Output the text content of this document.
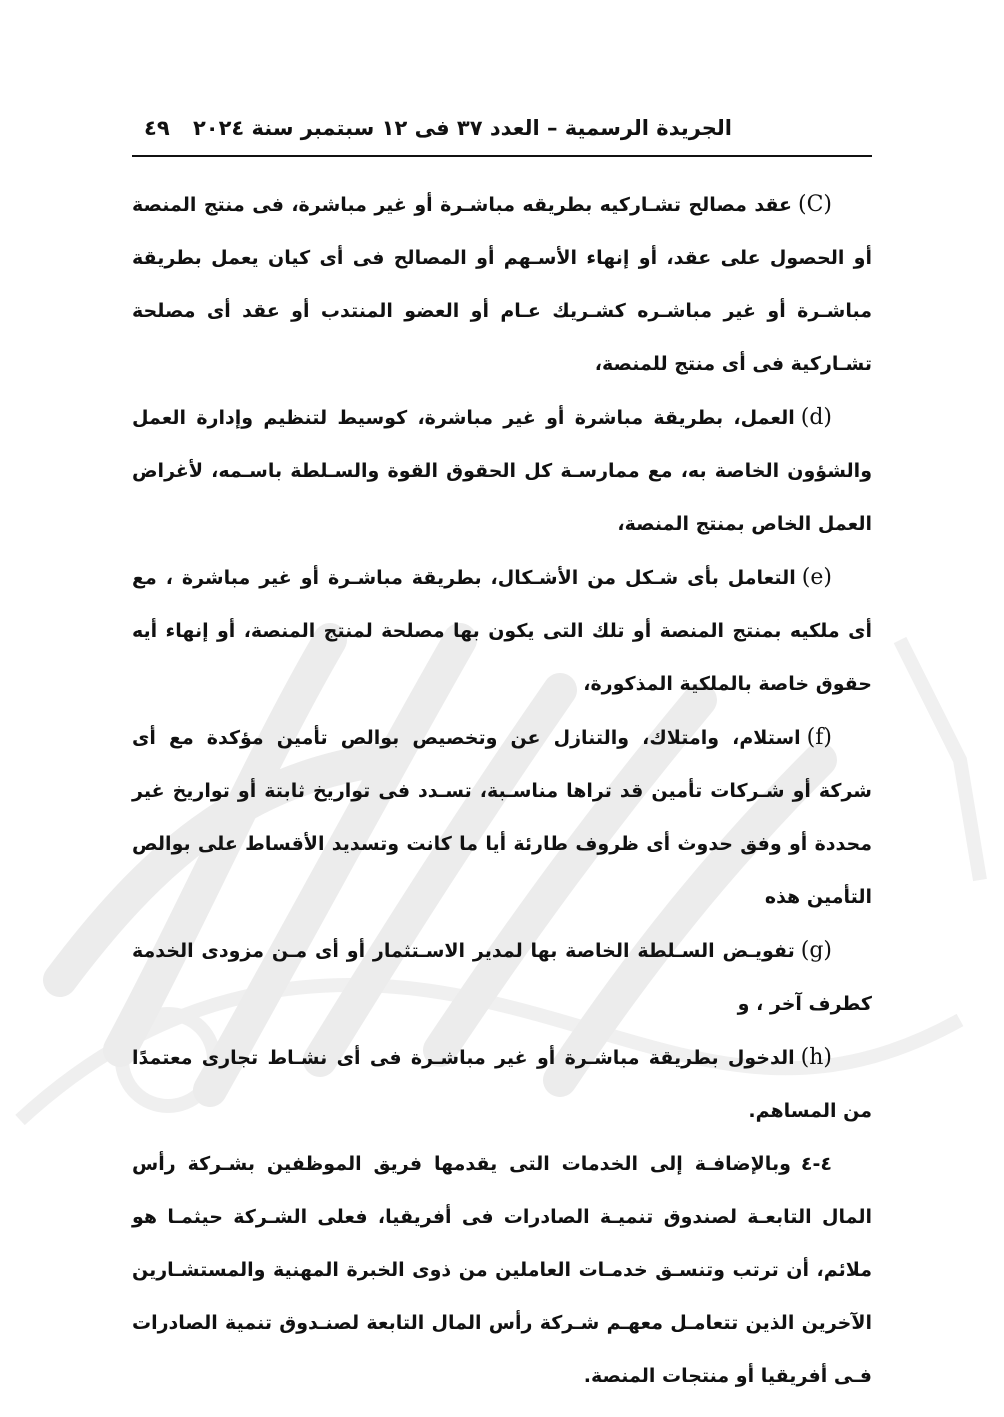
الجريدة الرسمية – العدد ٣٧ فى ١٢ سبتمبر سنة ٢٠٢٤
٤٩

(C)عقد مصالح تشـاركيه بطريقه مباشـرة أو غير مباشرة، فى منتج المنصة أو الحصول على عقد، أو إنهاء الأسـهم أو المصالح فى أى كيان يعمل بطريقة مباشـرة أو غير مباشـره كشـريك عـام أو العضو المنتدب أو عقد أى مصلحة تشـاركية فى أى منتج للمنصة،

(d)العمل، بطريقة مباشرة أو غير مباشرة، كوسيط لتنظيم وإدارة العمل والشؤون الخاصة به، مع ممارسـة كل الحقوق القوة والسـلطة باسـمه، لأغراض العمل الخاص بمنتج المنصة،

(e)التعامل بأى شـكل من الأشـكال، بطريقة مباشـرة أو غير مباشرة ، مع أى ملكيه بمنتج المنصة أو تلك التى يكون بها مصلحة لمنتج المنصة، أو إنهاء أيه حقوق خاصة بالملكية المذكورة،

(f)استلام، وامتلاك، والتنازل عن وتخصيص بوالص تأمين مؤكدة مع أى شركة أو شـركات تأمين قد تراها مناسـبة، تسـدد فى تواريخ ثابتة أو تواريخ غير محددة أو وفق حدوث أى ظروف طارئة أيا ما كانت وتسديد الأقساط على بوالص التأمين هذه

(g)تفويـض السـلطة الخاصة بها لمدير الاسـتثمار أو أى مـن مزودى الخدمة كطرف آخر ، و

(h)الدخول بطريقة مباشـرة أو غير مباشـرة فى أى نشـاط تجارى معتمدًا من المساهم.

٤-٤وبالإضافـة إلى الخدمات التى يقدمها فريق الموظفين بشـركة رأس المال التابعـة لصندوق تنميـة الصادرات فى أفريقيا، فعلى الشـركة حيثمـا هو ملائم، أن ترتب وتنسـق خدمـات العاملين من ذوى الخبرة المهنية والمستشـارين الآخرين الذين تتعامـل معهـم شـركة رأس المال التابعة لصنـدوق تنمية الصادرات فـى أفريقيا أو منتجات المنصة.
